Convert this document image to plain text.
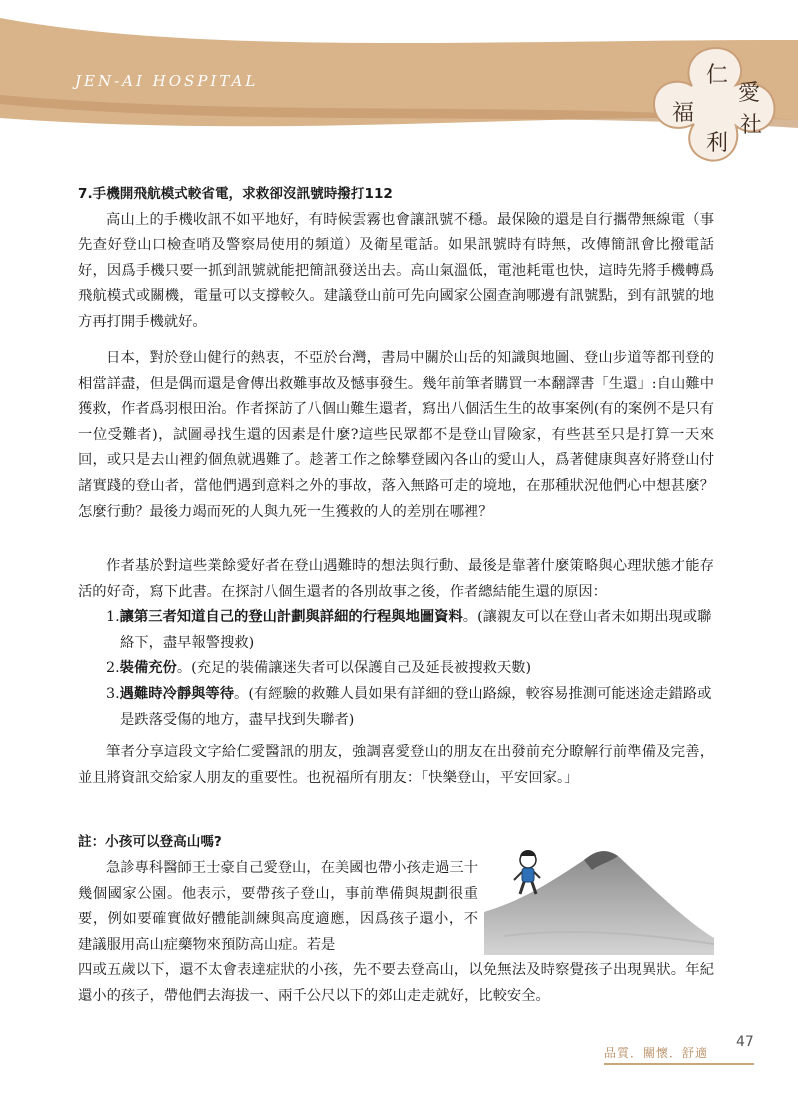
JEN-AI HOSPITAL	仁
愛
福 社
利

7.手機開飛航模式較省電，求救卻沒訊號時撥打112

高山上的手機收訊不如平地好，有時候雲霧也會讓訊號不穩。最保險的還是自行攜帶無線電（事先查好登山口檢查哨及警察局使用的頻道）及衛星電話。如果訊號時有時無，改傳簡訊會比撥電話好，因爲手機只要一抓到訊號就能把簡訊發送出去。高山氣溫低，電池耗電也快，這時先將手機轉爲飛航模式或關機，電量可以支撐較久。建議登山前可先向國家公園查詢哪邊有訊號點，到有訊號的地方再打開手機就好。

日本，對於登山健行的熱衷，不亞於台灣，書局中關於山岳的知識與地圖、登山步道等都刊登的相當詳盡，但是偶而還是會傳出救難事故及憾事發生。幾年前筆者購買一本翻譯書「生還」:自山難中獲救，作者爲羽根田治。作者探訪了八個山難生還者，寫出八個活生生的故事案例(有的案例不是只有一位受難者)，試圖尋找生還的因素是什麼?這些民眾都不是登山冒險家，有些甚至只是打算一天來回，或只是去山裡釣個魚就遇難了。趁著工作之餘攀登國內各山的愛山人，爲著健康與喜好將登山付諸實踐的登山者，當他們遇到意料之外的事故，落入無路可走的境地，在那種狀況他們心中想甚麼？怎麼行動？最後力竭而死的人與九死一生獲救的人的差別在哪裡？

作者基於對這些業餘愛好者在登山遇難時的想法與行動、最後是靠著什麼策略與心理狀態才能存活的好奇，寫下此書。在探討八個生還者的各別故事之後，作者總結能生還的原因：

1.讓第三者知道自己的登山計劃與詳細的行程與地圖資料。(讓親友可以在登山者未如期出現或聯絡下，盡早報警搜救)

2.裝備充份。(充足的裝備讓迷失者可以保護自己及延長被搜救天數)

3.遇難時冷靜與等待。(有經驗的救難人員如果有詳細的登山路線，較容易推測可能迷途走錯路或是跌落受傷的地方，盡早找到失聯者)

筆者分享這段文字給仁愛醫訊的朋友，強調喜愛登山的朋友在出發前充分瞭解行前準備及完善，並且將資訊交給家人朋友的重要性。也祝福所有朋友：「快樂登山，平安回家。」

註：小孩可以登高山嗎?

急診專科醫師王士豪自己愛登山，在美國也帶小孩走過三十幾個國家公園。他表示，要帶孩子登山，事前準備與規劃很重要，例如要確實做好體能訓練與高度適應，因爲孩子還小，不建議服用高山症藥物來預防高山症。若是

四或五歲以下，還不太會表達症狀的小孩，先不要去登高山，以免無法及時察覺孩子出現異狀。年紀還小的孩子，帶他們去海拔一、兩千公尺以下的郊山走走就好，比較安全。

品質．關懷．舒適
47
